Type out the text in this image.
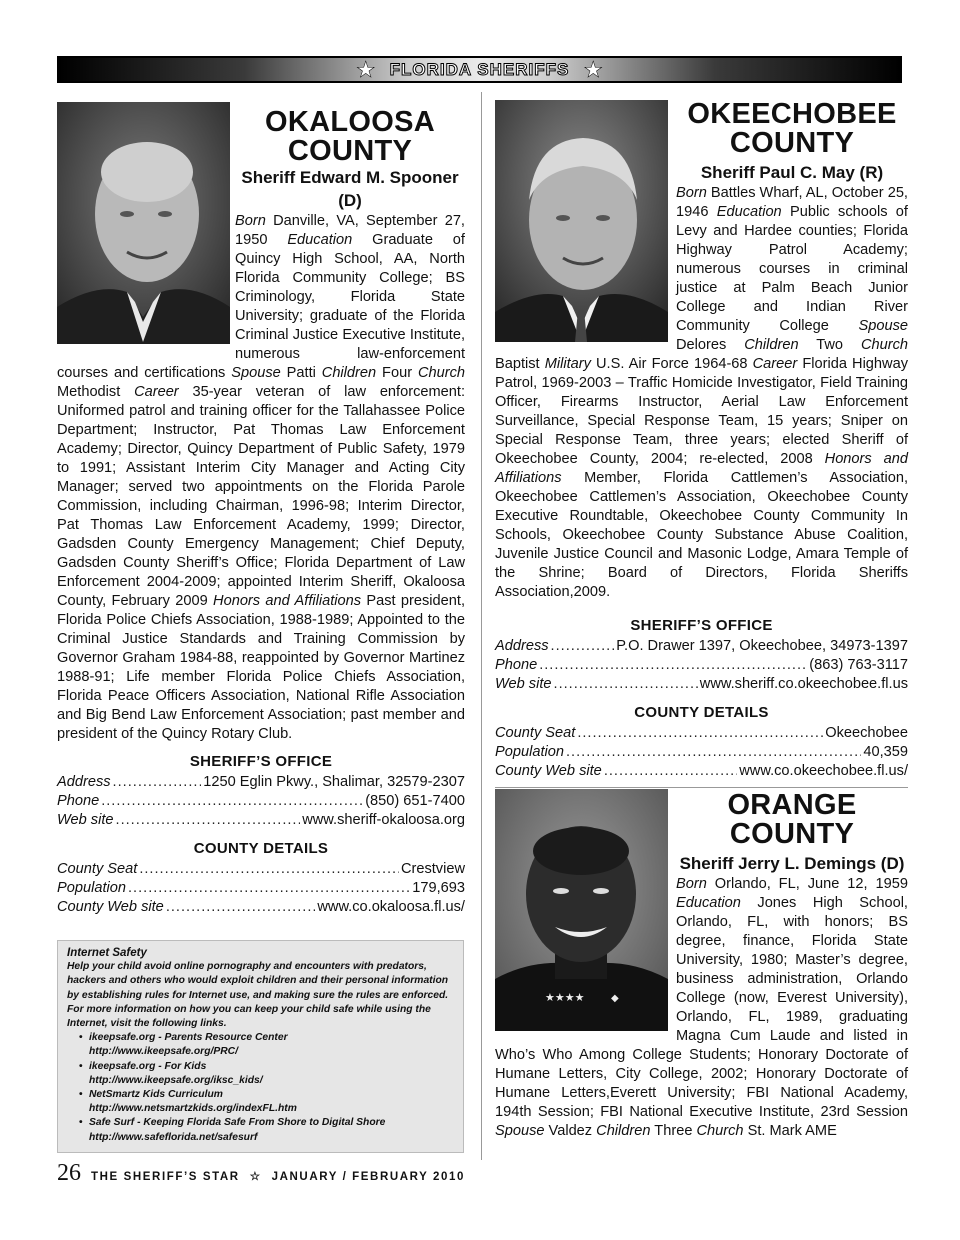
★ FLORIDA SHERIFFS ★

OKALOOSA COUNTY

Sheriff Edward M. Spooner (D)

Born Danville, VA, September 27, 1950 Education Graduate of Quincy High School, AA, North Florida Community College; BS Criminology, Florida State University; graduate of the Florida Criminal Justice Executive Institute, numerous law-enforcement courses and certifications Spouse Patti Children Four Church Methodist Career 35-year veteran of law enforcement: Uniformed patrol and training officer for the Tallahassee Police Department; Instructor, Pat Thomas Law Enforcement Academy; Director, Quincy Department of Public Safety, 1979 to 1991; Assistant Interim City Manager and Acting City Manager; served two appointments on the Florida Parole Commission, including Chairman, 1996-98; Interim Director, Pat Thomas Law Enforcement Academy, 1999; Director, Gadsden County Emergency Management; Chief Deputy, Gadsden County Sheriff’s Office; Florida Department of Law Enforcement 2004-2009; appointed Interim Sheriff, Okaloosa County, February 2009 Honors and Affiliations Past president, Florida Police Chiefs Association, 1988-1989; Appointed to the Criminal Justice Standards and Training Commission by Governor Graham 1984-88, reappointed by Governor Martinez 1988-91; Life member Florida Police Chiefs Association, Florida Peace Officers Association, National Rifle Association and Big Bend Law Enforcement Association; past member and president of the Quincy Rotary Club.

SHERIFF’S OFFICE
Address .....	1250 Eglin Pkwy., Shalimar, 32579-2307
Phone .....	(850) 651-7400
Web site .....	www.sheriff-okaloosa.org
COUNTY DETAILS
County Seat .....	Crestview
Population .....	179,693
County Web site .....	www.co.okaloosa.fl.us/
Internet Safety
Help your child avoid online pornography and encounters with predators, hackers and others who would exploit children and their personal information by establishing rules for Internet use, and making sure the rules are enforced. For more information on how you can keep your child safe while using the Internet, visit the following links.
• ikeepsafe.org - Parents Resource Center
http://www.ikeepsafe.org/PRC/
• ikeepsafe.org - For Kids
http://www.ikeepsafe.org/iksc_kids/
• NetSmartz Kids Curriculum
http://www.netsmartzkids.org/indexFL.htm
• Safe Surf - Keeping Florida Safe From Shore to Digital Shore
http://www.safeflorida.net/safesurf

OKEECHOBEE COUNTY

Sheriff Paul C. May (R)

Born Battles Wharf, AL, October 25, 1946 Education Public schools of Levy and Hardee counties; Florida Highway Patrol Academy; numerous courses in criminal justice at Palm Beach Junior College and Indian River Community College Spouse Delores Children Two Church Baptist Military U.S. Air Force 1964-68 Career Florida Highway Patrol, 1969-2003 – Traffic Homicide Investigator, Field Training Officer, Firearms Instructor, Aerial Law Enforcement Surveillance, Special Response Team, 15 years; Sniper on Special Response Team, three years; elected Sheriff of Okeechobee County, 2004; re-elected, 2008 Honors and Affiliations Member, Florida Cattlemen’s Association, Okeechobee Cattlemen’s Association, Okeechobee County Executive Roundtable, Okeechobee County Community In Schools, Okeechobee County Substance Abuse Coalition, Juvenile Justice Council and Masonic Lodge, Amara Temple of the Shrine; Board of Directors, Florida Sheriffs Association,2009.

SHERIFF’S OFFICE
Address .....	P.O. Drawer 1397, Okeechobee, 34973-1397
Phone .....	(863) 763-3117
Web site .....	www.sheriff.co.okeechobee.fl.us
COUNTY DETAILS
County Seat .....	Okeechobee
Population .....	40,359
County Web site .....	www.co.okeechobee.fl.us/
★★★★	◆

ORANGE COUNTY

Sheriff Jerry L. Demings (D)

Born Orlando, FL, June 12, 1959 Education Jones High School, Orlando, FL, with honors; BS degree, finance, Florida State University, 1980; Master’s degree, business administration, Orlando College (now, Everest University), Orlando, FL, 1989, graduating Magna Cum Laude and listed in Who’s Who Among College Students; Honorary Doctorate of Humane Letters, City College, 2002; Honorary Doctorate of Humane Letters,Everett University; FBI National Academy, 194th Session; FBI National Executive Institute, 23rd Session Spouse Valdez Children Three Church St. Mark AME

26 THE SHERIFF’S STAR ☆ JANUARY / FEBRUARY 2010
